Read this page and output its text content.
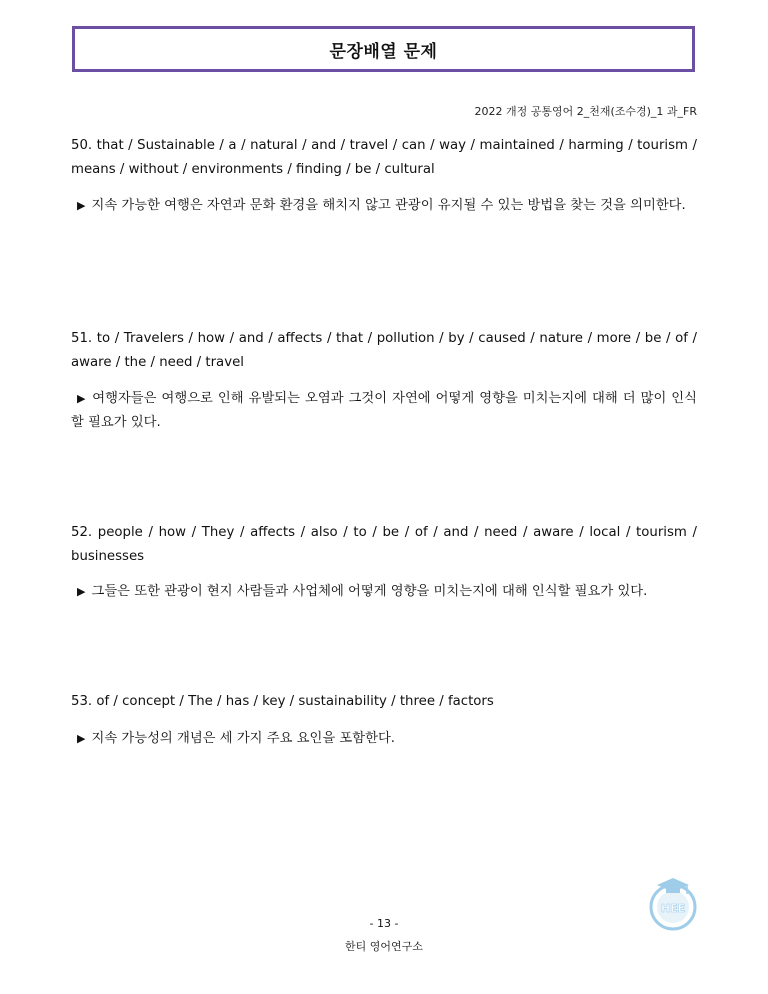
문장배열 문제
2022 개정 공통영어 2_천재(조수경)_1 과_FR
50. that / Sustainable / a / natural / and / travel / can / way / maintained / harming / tourism / means / without / environments / finding / be / cultural
▶ 지속 가능한 여행은 자연과 문화 환경을 해치지 않고 관광이 유지될 수 있는 방법을 찾는 것을 의미한다.
51. to / Travelers / how / and / affects / that / pollution / by / caused / nature / more / be / of / aware / the / need / travel
▶ 여행자들은 여행으로 인해 유발되는 오염과 그것이 자연에 어떻게 영향을 미치는지에 대해 더 많이 인식할 필요가 있다.
52. people / how / They / affects / also / to / be / of / and / need / aware / local / tourism / businesses
▶ 그들은 또한 관광이 현지 사람들과 사업체에 어떻게 영향을 미치는지에 대해 인식할 필요가 있다.
53. of / concept / The / has / key / sustainability / three / factors
▶ 지속 가능성의 개념은 세 가지 주요 요인을 포함한다.
HEE
- 13 -
한티 영어연구소
